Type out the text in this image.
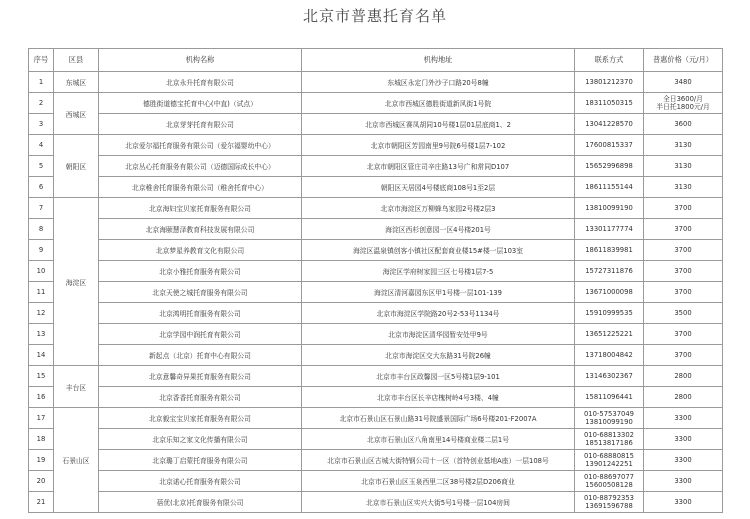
北京市普惠托育名单
序号	区县	机构名称	机构地址	联系方式	普惠价格（元/月）
1	东城区	北京永升托育有限公司	东城区永定门外沙子口路20号8幢	13801212370	3480
2	西城区	德胜街道德宝托育中心(中直)（试点）	北京市西城区德胜街道新风街1号院	18311050315	全日3600/月
半日托1800元/月

3		北京芽芽托育有限公司	北京市西城区赛凤胡同10号楼1层01层底商1、2	13041228570	3600
4	朝阳区	北京爱尔福托育服务有限公司（爱尔福婴幼中心）	北京市朝阳区芳园南里9号院6号楼1层7-102	17600815337	3130
5		北京丛心托育服务有限公司（迈德国际成长中心）	北京市朝阳区管庄司辛庄路13号广和常同D107	15652996898	3130
6		北京稚舍托育服务有限公司（稚舍托育中心）	朝阳区天居园4号楼底商108号1至2层	18611155144	3130
7	海淀区	北京海妇宝贝家托育服务有限公司	北京市海淀区万柳蜂鸟家园2号楼2层3	13810099190	3700
8		北京海颐慧泽教育科技发展有限公司	海淀区西杉创意园一区4号楼201号	13301177774	3700
9		北京梦星养教育文化有限公司	海淀区温泉镇创客小镇社区配套商业楼15#楼一层103室	18611839981	3700
10		北京小雅托育服务有限公司	海淀区学府树家园三区七号楼1层7-5	15727311876	3700
11		北京天使之城托育服务有限公司	海淀区清河嘉园东区甲1号楼一层101-139	13671000098	3700
12		北京鸿明托育服务有限公司	北京市海淀区学院路20号2-53号1134号	15910999535	3500
13		北京学园中润托育有限公司	北京市海淀区清华园暂安处甲9号	13651225221	3700
14		新起点（北京）托育中心有限公司	北京市海淀区交大东路31号院26幢	13718004842	3700
15	丰台区	北京意馨奇异果托育服务有限公司	北京市丰台区政馨园一区5号楼1层9-101	13146302367	2800
16		北京香香托育服务有限公司	北京市丰台区长辛店槐树岭4号3楼、4幢	15811096441	2800
17	石景山区	北京毅宝宝贝家托育服务有限公司	北京市石景山区石景山路31号院盛景国际广场6号楼201-F2007A	010-57537049
13810099190	3300
18		北京乐知之家文化传播有限公司	北京市石景山区八角南里14号楼商业楼二层1号	010-68813302
18513817186	3300
19		北京璐丁启蒙托育服务有限公司	北京市石景山区古城大街特钢公司十一区（首特创业基地A座）一层108号	010-68880815
13901242251	3300
20		北京诺心托育服务有限公司	北京市石景山区玉泉西里二区38号楼2层D206商业	010-88697077
15600508128	3300
21		蓓优(北京)托育服务有限公司	北京市石景山区实兴大街5号1号楼一层104房间	010-88792353
13691596788	3300
